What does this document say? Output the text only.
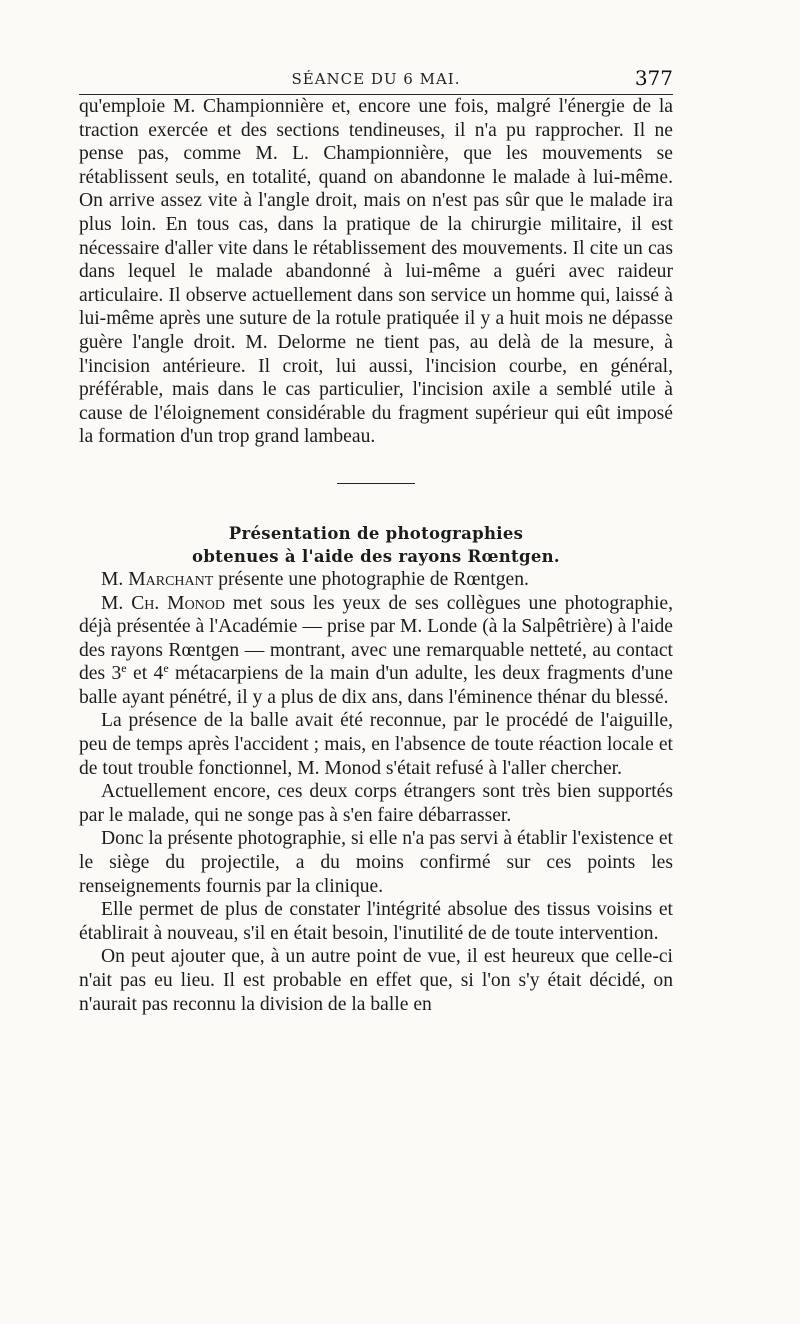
SÉANCE DU 6 MAI.	377

qu'emploie M. Championnière et, encore une fois, malgré l'énergie de la traction exercée et des sections tendineuses, il n'a pu rapprocher. Il ne pense pas, comme M. L. Championnière, que les mouvements se rétablissent seuls, en totalité, quand on abandonne le malade à lui-même. On arrive assez vite à l'angle droit, mais on n'est pas sûr que le malade ira plus loin. En tous cas, dans la pratique de la chirurgie militaire, il est nécessaire d'aller vite dans le rétablissement des mouvements. Il cite un cas dans lequel le malade abandonné à lui-même a guéri avec raideur articulaire. Il observe actuellement dans son service un homme qui, laissé à lui-même après une suture de la rotule pratiquée il y a huit mois ne dépasse guère l'angle droit. M. Delorme ne tient pas, au delà de la mesure, à l'incision antérieure. Il croit, lui aussi, l'incision courbe, en général, préférable, mais dans le cas particulier, l'incision axile a semblé utile à cause de l'éloignement considérable du fragment supérieur qui eût imposé la formation d'un trop grand lambeau.

Présentation de photographies
obtenues à l'aide des rayons Rœntgen.

M. Marchant présente une photographie de Rœntgen.

M. Ch. Monod met sous les yeux de ses collègues une photographie, déjà présentée à l'Académie — prise par M. Londe (à la Salpêtrière) à l'aide des rayons Rœntgen — montrant, avec une remarquable netteté, au contact des 3e et 4e métacarpiens de la main d'un adulte, les deux fragments d'une balle ayant pénétré, il y a plus de dix ans, dans l'éminence thénar du blessé.

La présence de la balle avait été reconnue, par le procédé de l'aiguille, peu de temps après l'accident ; mais, en l'absence de toute réaction locale et de tout trouble fonctionnel, M. Monod s'était refusé à l'aller chercher.

Actuellement encore, ces deux corps étrangers sont très bien supportés par le malade, qui ne songe pas à s'en faire débarrasser.

Donc la présente photographie, si elle n'a pas servi à établir l'existence et le siège du projectile, a du moins confirmé sur ces points les renseignements fournis par la clinique.

Elle permet de plus de constater l'intégrité absolue des tissus voisins et établirait à nouveau, s'il en était besoin, l'inutilité de de toute intervention.

On peut ajouter que, à un autre point de vue, il est heureux que celle-ci n'ait pas eu lieu. Il est probable en effet que, si l'on s'y était décidé, on n'aurait pas reconnu la division de la balle en
